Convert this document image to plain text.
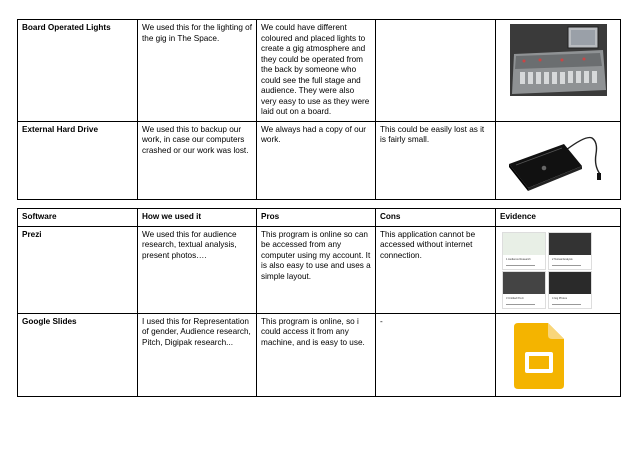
Board Operated Lights	We used this for the lighting of the gig in The Space.	We could have different coloured and placed lights to create a gig atmosphere and they could be operated from the back by someone who could see the full stage and audience. They were also very easy to use as they were laid out on a board.		

External Hard Drive	We used this to backup our work, in case our computers crashed or our work was lost.	We always had a copy of our work.	This could be easily lost as it is fairly small.	
Software	How we used it	Pros	Cons	Evidence
Prezi	We used this for audience research, textual analysis, present photos….	This program is online so can be accessed from any computer using my account. It is also easy to use and uses a simple layout.	This application cannot be accessed without internet connection.	1 Audience Research 2 Textual Analysis
3 Untitled Prezi 4 Gig Photos

Google Slides	I used this for Representation of gender, Audience research, Pitch, Digipak research...	This program is online, so i could access it from any machine, and is easy to use.	-	
